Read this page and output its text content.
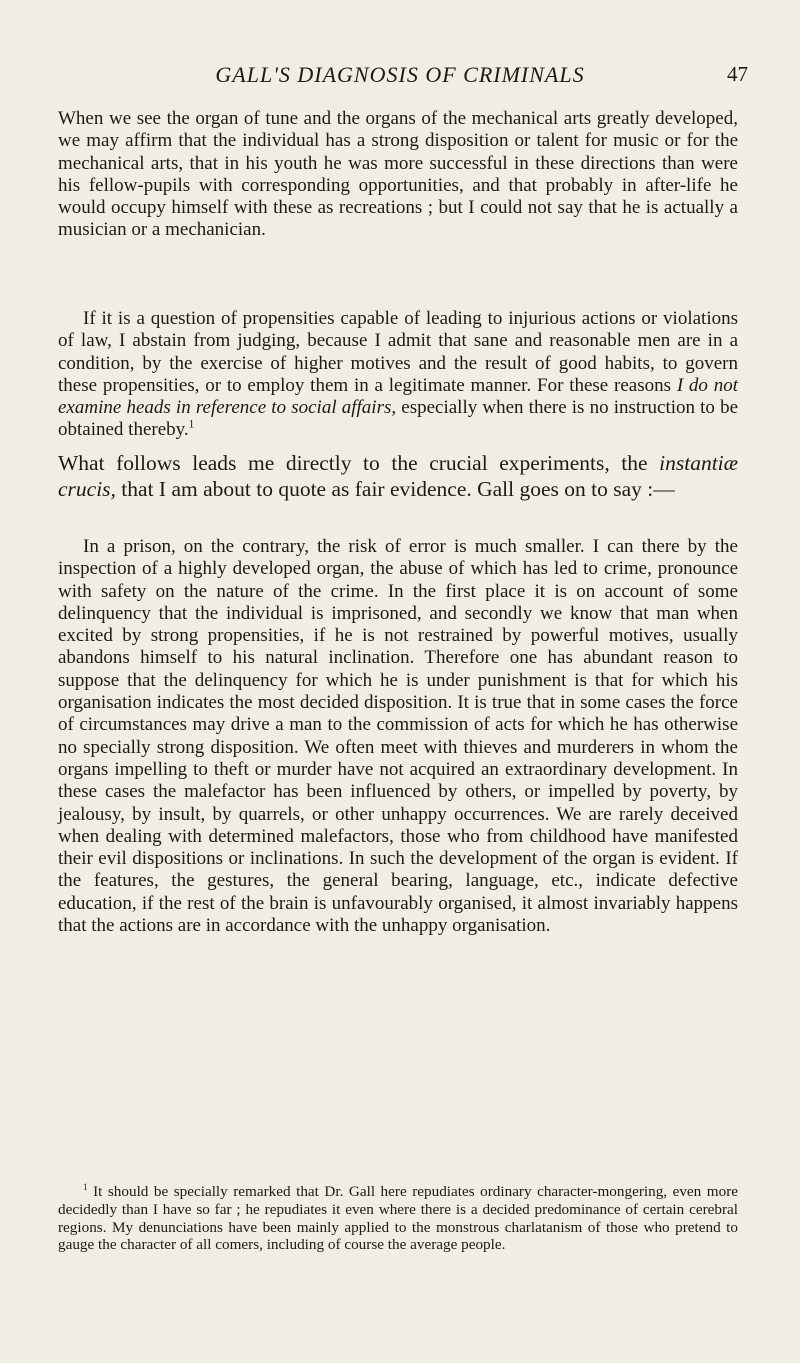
GALL'S DIAGNOSIS OF CRIMINALS	47

When we see the organ of tune and the organs of the mechanical arts greatly developed, we may affirm that the individual has a strong disposition or talent for music or for the mechanical arts, that in his youth he was more successful in these directions than were his fellow-pupils with corresponding opportunities, and that probably in after-life he would occupy himself with these as recreations ; but I could not say that he is actually a musician or a mechanician.

If it is a question of propensities capable of leading to injurious actions or violations of law, I abstain from judging, because I admit that sane and reasonable men are in a condition, by the exercise of higher motives and the result of good habits, to govern these propensities, or to employ them in a legitimate manner. For these reasons I do not examine heads in reference to social affairs, especially when there is no instruction to be obtained thereby.$^1$

What follows leads me directly to the crucial experiments, the instantiæ crucis, that I am about to quote as fair evidence. Gall goes on to say :—

In a prison, on the contrary, the risk of error is much smaller. I can there by the inspection of a highly developed organ, the abuse of which has led to crime, pronounce with safety on the nature of the crime. In the first place it is on account of some delinquency that the individual is imprisoned, and secondly we know that man when excited by strong propensities, if he is not restrained by powerful motives, usually abandons himself to his natural inclination. Therefore one has abundant reason to suppose that the delinquency for which he is under punishment is that for which his organisation indicates the most decided disposition. It is true that in some cases the force of circumstances may drive a man to the commission of acts for which he has otherwise no specially strong disposition. We often meet with thieves and murderers in whom the organs impelling to theft or murder have not acquired an extraordinary development. In these cases the malefactor has been influenced by others, or impelled by poverty, by jealousy, by insult, by quarrels, or other unhappy occurrences. We are rarely deceived when dealing with determined malefactors, those who from childhood have manifested their evil dispositions or inclinations. In such the development of the organ is evident. If the features, the gestures, the general bearing, language, etc., indicate defective education, if the rest of the brain is unfavourably organised, it almost invariably happens that the actions are in accordance with the unhappy organisation.

$^1$ It should be specially remarked that Dr. Gall here repudiates ordinary character-mongering, even more decidedly than I have so far ; he repudiates it even where there is a decided predominance of certain cerebral regions. My denunciations have been mainly applied to the monstrous charlatanism of those who pretend to gauge the character of all comers, including of course the average people.
